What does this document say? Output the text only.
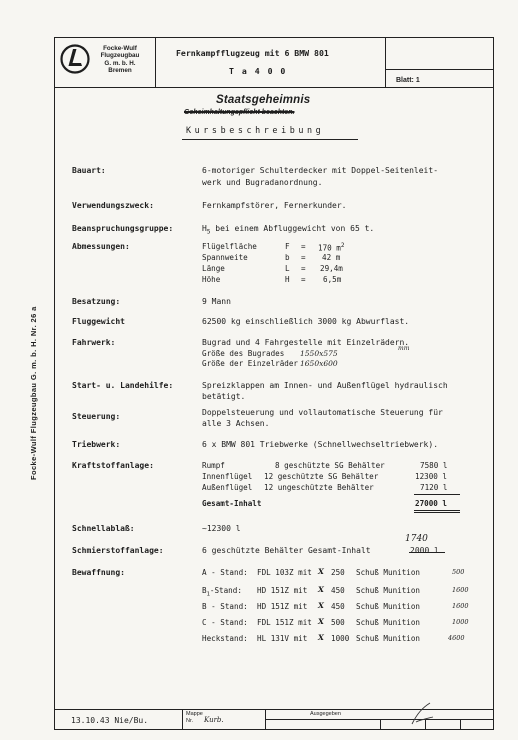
Focke-Wulf Flugzeugbau G. m. b. H. Nr. 26 a
Focke-Wulf
Flugzeugbau
G. m. b. H.
Bremen
Fernkampfflugzeug mit 6 BMW 801
T a 4 0 0
Blatt: 1
Staatsgeheimnis
Geheimhaltungspflicht beachten.
Kursbeschreibung
Bauart:	6-motoriger Schulterdecker mit Doppel-Seitenleit-
werk und Bugradanordnung.
Verwendungszweck:	Fernkampfstörer, Fernerkunder.
Beanspruchungsgruppe:	$H_5$ bei einem Abfluggewicht von 65 t.
Abmessungen:	Flügelfläche	F = 170 $m^2$
Spannweite	b = 42 m
Länge	L = 29,4m
Höhe	H = 6,5m
Besatzung:	9 Mann
Fluggewicht	62500 kg einschließlich 3000 kg Abwurflast.
Fahrwerk:	Bugrad und 4 Fahrgestelle mit Einzelrädern.
Größe des Bugrades 1550x575
mm
Größe der Einzelräder 1650x600
Start- u. Landehilfe:	Spreizklappen am Innen- und Außenflügel hydraulisch
betätigt.
Steuerung:	Doppelsteuerung und vollautomatische Steuerung für
alle 3 Achsen.
Triebwerk:	6 x BMW 801 Triebwerke (Schnellwechseltriebwerk).
Kraftstoffanlage:	Rumpf	8 geschützte SG Behälter	7580 l
Innenflügel 12 geschützte SG Behälter	12300 l
Außenflügel 12 ungeschützte Behälter	7120 l
Gesamt-Inhalt	27000 l
Schnellablaß:	~12300 l
Schmierstoffanlage:	6 geschützte Behälter Gesamt-Inhalt	2000 l
1740
Bewaffnung:	A - Stand: FDL 103Z mit X 250 Schuß Munition	500
$B_1$-Stand: HD 151Z mit X 450 Schuß Munition	1600
B - Stand: HD 151Z mit X 450 Schuß Munition	1600
C - Stand: FDL 151Z mit X 500 Schuß Munition	1000
Heckstand: HL 131V mit X 1000 Schuß Munition	4600
13.10.43 Nie/Bu.
Mappe
Nr. Kurb.
Ausgegeben
